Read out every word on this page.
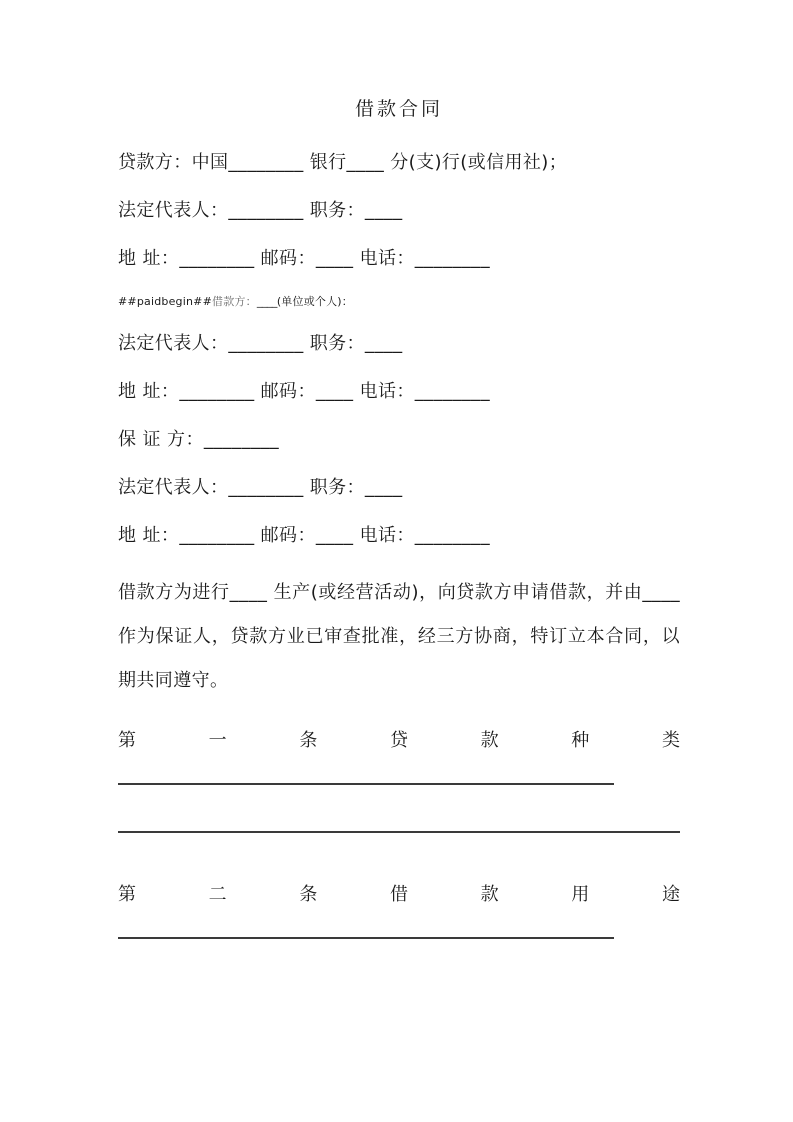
借款合同

贷款方：中国________ 银行____ 分(支)行(或信用社)；

法定代表人：________ 职务：____

地 址：________ 邮码：____ 电话：________

##paidbegin##借款方：____(单位或个人)：

法定代表人：________ 职务：____

地 址：________ 邮码：____ 电话：________

保 证 方：________

法定代表人：________ 职务：____

地 址：________ 邮码：____ 电话：________

借款方为进行____ 生产(或经营活动)，向贷款方申请借款，并由____ 作为保证人，贷款方业已审查批准，经三方协商，特订立本合同，以期共同遵守。

第	一	条	贷	款	种	类
第	二	条	借	款	用	途
